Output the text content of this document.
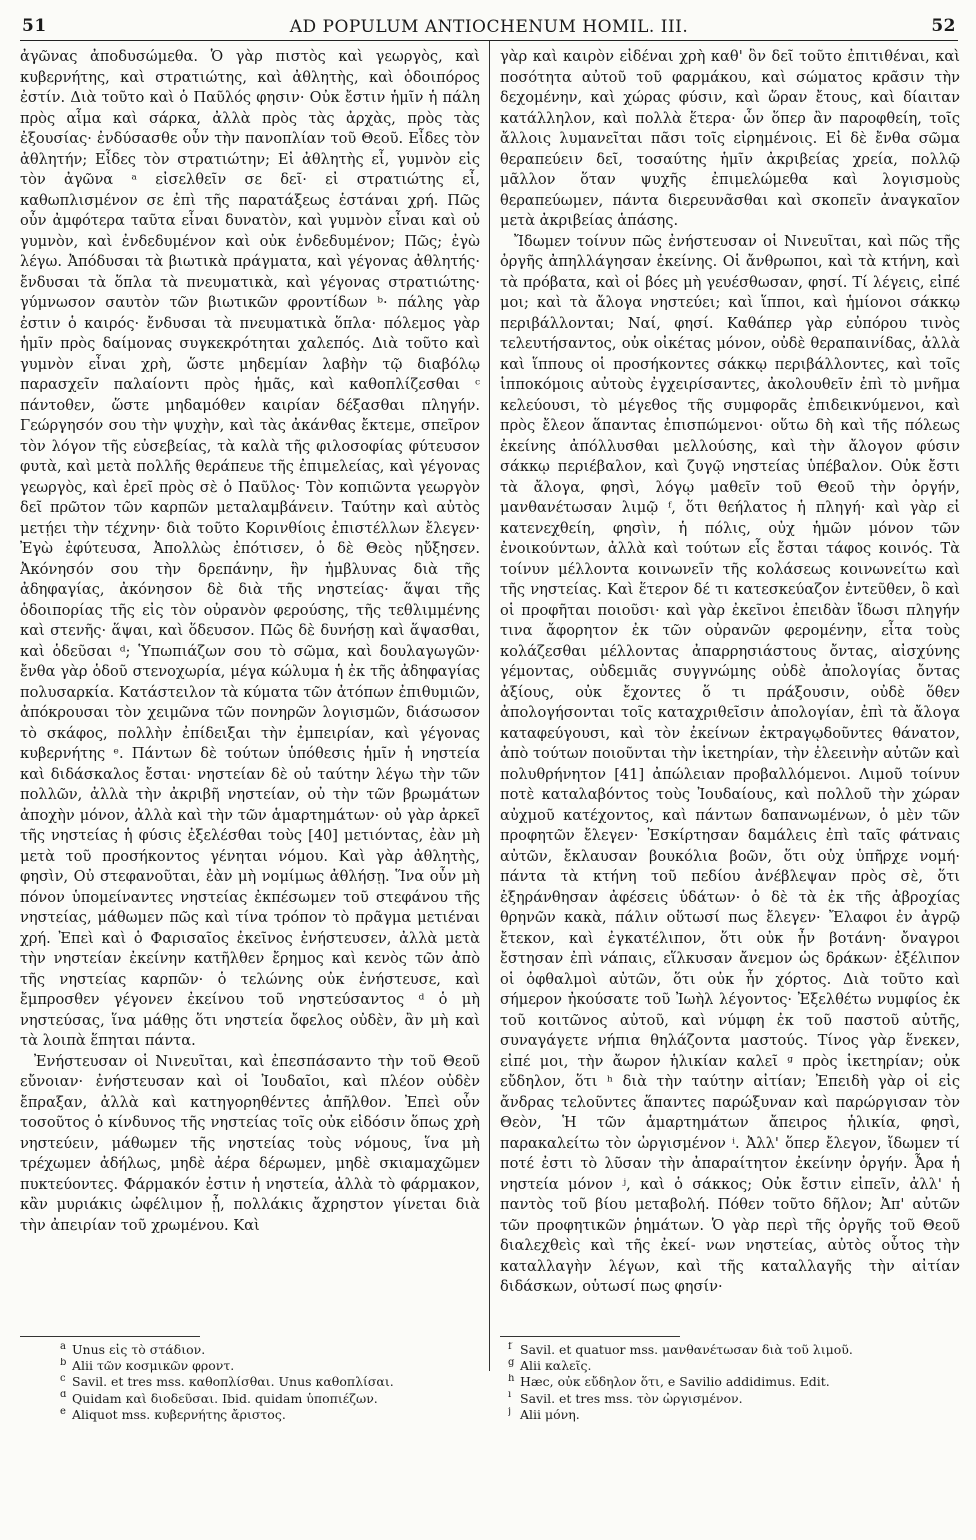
51	AD POPULUM ANTIOCHENUM HOMIL. III.	52

ἀγῶνας ἀποδυσώμεθα. Ὁ γὰρ πιστὸς καὶ γεωργὸς, καὶ κυβερνήτης, καὶ στρατιώτης, καὶ ἀθλητὴς, καὶ ὁδοιπόρος ἐστίν. Διὰ τοῦτο καὶ ὁ Παῦλός φησιν· Οὐκ ἔστιν ἡμῖν ἡ πάλη πρὸς αἷμα καὶ σάρκα, ἀλλὰ πρὸς τὰς ἀρχὰς, πρὸς τὰς ἐξουσίας· ἐνδύσασθε οὖν τὴν πανοπλίαν τοῦ Θεοῦ. Εἶδες τὸν ἀθλητήν; Εἶδες τὸν στρατιώτην; Εἰ ἀθλητὴς εἶ, γυμνὸν εἰς τὸν ἀγῶνα ᵃ εἰσελθεῖν σε δεῖ· εἰ στρατιώτης εἶ, καθωπλισμένον σε ἐπὶ τῆς παρατάξεως ἑστάναι χρή. Πῶς οὖν ἀμφότερα ταῦτα εἶναι δυνατὸν, καὶ γυμνὸν εἶναι καὶ οὐ γυμνὸν, καὶ ἐνδεδυμένον καὶ οὐκ ἐνδεδυμένον; Πῶς; ἐγὼ λέγω. Ἀπόδυσαι τὰ βιωτικὰ πράγματα, καὶ γέγονας ἀθλητής· ἔνδυσαι τὰ ὅπλα τὰ πνευματικὰ, καὶ γέγονας στρατιώτης· γύμνωσον σαυτὸν τῶν βιωτικῶν φροντίδων ᵇ· πάλης γὰρ ἐστιν ὁ καιρός· ἔνδυσαι τὰ πνευματικὰ ὅπλα· πόλεμος γὰρ ἡμῖν πρὸς δαίμονας συγκεκρότηται χαλεπός. Διὰ τοῦτο καὶ γυμνὸν εἶναι χρὴ, ὥστε μηδεμίαν λαβὴν τῷ διαβόλῳ παρασχεῖν παλαίοντι πρὸς ἡμᾶς, καὶ καθοπλίζεσθαι ᶜ πάντοθεν, ὥστε μηδαμόθεν καιρίαν δέξασθαι πληγήν. Γεώργησόν σου τὴν ψυχὴν, καὶ τὰς ἀκάνθας ἔκτεμε, σπεῖρον τὸν λόγον τῆς εὐσεβείας, τὰ καλὰ τῆς φιλοσοφίας φύτευσον φυτὰ, καὶ μετὰ πολλῆς θεράπευε τῆς ἐπιμελείας, καὶ γέγονας γεωργὸς, καὶ ἐρεῖ πρὸς σὲ ὁ Παῦλος· Τὸν κοπιῶντα γεωργὸν δεῖ πρῶτον τῶν καρπῶν μεταλαμβάνειν. Ταύτην καὶ αὐτὸς μετῄει τὴν τέχνην· διὰ τοῦτο Κορινθίοις ἐπιστέλλων ἔλεγεν· Ἐγὼ ἐφύτευσα, Ἀπολλὼς ἐπότισεν, ὁ δὲ Θεὸς ηὔξησεν. Ἀκόνησόν σου τὴν δρεπάνην, ἣν ἠμβλυνας διὰ τῆς ἀδηφαγίας, ἀκόνησον δὲ διὰ τῆς νηστείας· ἅψαι τῆς ὁδοιπορίας τῆς εἰς τὸν οὐρανὸν φερούσης, τῆς τεθλιμμένης καὶ στενῆς· ἅψαι, καὶ ὅδευσον. Πῶς δὲ δυνήσῃ καὶ ἅψασθαι, καὶ ὁδεῦσαι ᵈ; Ὑπωπιάζων σου τὸ σῶμα, καὶ δουλαγωγῶν· ἔνθα γὰρ ὁδοῦ στενοχωρία, μέγα κώλυμα ἡ ἐκ τῆς ἀδηφαγίας πολυσαρκία. Κατάστειλον τὰ κύματα τῶν ἀτόπων ἐπιθυμιῶν, ἀπόκρουσαι τὸν χειμῶνα τῶν πονηρῶν λογισμῶν, διάσωσον τὸ σκάφος, πολλὴν ἐπίδειξαι τὴν ἐμπειρίαν, καὶ γέγονας κυβερνήτης ᵉ. Πάντων δὲ τούτων ὑπόθεσις ἡμῖν ἡ νηστεία καὶ διδάσκαλος ἔσται· νηστείαν δὲ οὐ ταύτην λέγω τὴν τῶν πολλῶν, ἀλλὰ τὴν ἀκριβῆ νηστείαν, οὐ τὴν τῶν βρωμάτων ἀποχὴν μόνον, ἀλλὰ καὶ τὴν τῶν ἁμαρτημάτων· οὐ γὰρ ἀρκεῖ τῆς νηστείας ἡ φύσις ἐξελέσθαι τοὺς [40] μετιόντας, ἐὰν μὴ μετὰ τοῦ προσήκοντος γένηται νόμου. Καὶ γὰρ ἀθλητὴς, φησὶν, Οὐ στεφανοῦται, ἐὰν μὴ νομίμως ἀθλήσῃ. Ἵνα οὖν μὴ πόνον ὑπομείναντες νηστείας ἐκπέσωμεν τοῦ στεφάνου τῆς νηστείας, μάθωμεν πῶς καὶ τίνα τρόπον τὸ πρᾶγμα μετιέναι χρή. Ἐπεὶ καὶ ὁ Φαρισαῖος ἐκεῖνος ἐνήστευσεν, ἀλλὰ μετὰ τὴν νηστείαν ἐκείνην κατῆλθεν ἔρημος καὶ κενὸς τῶν ἀπὸ τῆς νηστείας καρπῶν· ὁ τελώνης οὐκ ἐνήστευσε, καὶ ἔμπροσθεν γέγονεν ἐκείνου τοῦ νηστεύσαντος ᵈ ὁ μὴ νηστεύσας, ἵνα μάθῃς ὅτι νηστεία ὄφελος οὐδὲν, ἂν μὴ καὶ τὰ λοιπὰ ἕπηται πάντα.

Ἐνήστευσαν οἱ Νινευῖται, καὶ ἐπεσπάσαντο τὴν τοῦ Θεοῦ εὔνοιαν· ἐνήστευσαν καὶ οἱ Ἰουδαῖοι, καὶ πλέον οὐδὲν ἔπραξαν, ἀλλὰ καὶ κατηγορηθέντες ἀπῆλθον. Ἐπεὶ οὖν τοσοῦτος ὁ κίνδυνος τῆς νηστείας τοῖς οὐκ εἰδόσιν ὅπως χρὴ νηστεύειν, μάθωμεν τῆς νηστείας τοὺς νόμους, ἵνα μὴ τρέχωμεν ἀδήλως, μηδὲ ἀέρα δέρωμεν, μηδὲ σκιαμαχῶμεν πυκτεύοντες. Φάρμακόν ἐστιν ἡ νηστεία, ἀλλὰ τὸ φάρμακον, κἂν μυριάκις ὠφέλιμον ᾖ, πολλάκις ἄχρηστον γίνεται διὰ τὴν ἀπειρίαν τοῦ χρωμένου. Καὶ

γὰρ καὶ καιρὸν εἰδέναι χρὴ καθ' ὃν δεῖ τοῦτο ἐπιτιθέναι, καὶ ποσότητα αὐτοῦ τοῦ φαρμάκου, καὶ σώματος κρᾶσιν τὴν δεχομένην, καὶ χώρας φύσιν, καὶ ὥραν ἔτους, καὶ δίαιταν κατάλληλον, καὶ πολλὰ ἕτερα· ὧν ὅπερ ἂν παροφθείη, τοῖς ἄλλοις λυμανεῖται πᾶσι τοῖς εἰρημένοις. Εἰ δὲ ἔνθα σῶμα θεραπεύειν δεῖ, τοσαύτης ἡμῖν ἀκριβείας χρεία, πολλῷ μᾶλλον ὅταν ψυχῆς ἐπιμελώμεθα καὶ λογισμοὺς θεραπεύωμεν, πάντα διερευνᾶσθαι καὶ σκοπεῖν ἀναγκαῖον μετὰ ἀκριβείας ἁπάσης.

Ἴδωμεν τοίνυν πῶς ἐνήστευσαν οἱ Νινευῖται, καὶ πῶς τῆς ὀργῆς ἀπηλλάγησαν ἐκείνης. Οἱ ἄνθρωποι, καὶ τὰ κτήνη, καὶ τὰ πρόβατα, καὶ οἱ βόες μὴ γευέσθωσαν, φησί. Τί λέγεις, εἰπέ μοι; καὶ τὰ ἄλογα νηστεύει; καὶ ἵπποι, καὶ ἡμίονοι σάκκῳ περιβάλλονται; Ναί, φησί. Καθάπερ γὰρ εὐπόρου τινὸς τελευτήσαντος, οὐκ οἰκέτας μόνον, οὐδὲ θεραπαινίδας, ἀλλὰ καὶ ἵππους οἱ προσήκοντες σάκκῳ περιβάλλοντες, καὶ τοῖς ἱπποκόμοις αὐτοὺς ἐγχειρίσαντες, ἀκολουθεῖν ἐπὶ τὸ μνῆμα κελεύουσι, τὸ μέγεθος τῆς συμφορᾶς ἐπιδεικνύμενοι, καὶ πρὸς ἔλεον ἅπαντας ἐπισπώμενοι· οὕτω δὴ καὶ τῆς πόλεως ἐκείνης ἀπόλλυσθαι μελλούσης, καὶ τὴν ἄλογον φύσιν σάκκῳ περιέβαλον, καὶ ζυγῷ νηστείας ὑπέβαλον. Οὐκ ἔστι τὰ ἄλογα, φησὶ, λόγῳ μαθεῖν τοῦ Θεοῦ τὴν ὀργήν, μανθανέτωσαν λιμῷ ᶠ, ὅτι θεήλατος ἡ πληγή· καὶ γὰρ εἰ κατενεχθείη, φησὶν, ἡ πόλις, οὐχ ἡμῶν μόνον τῶν ἐνοικούντων, ἀλλὰ καὶ τούτων εἷς ἔσται τάφος κοινός. Τὰ τοίνυν μέλλοντα κοινωνεῖν τῆς κολάσεως κοινωνείτω καὶ τῆς νηστείας. Καὶ ἕτερον δέ τι κατεσκεύαζον ἐντεῦθεν, ὃ καὶ οἱ προφῆται ποιοῦσι· καὶ γὰρ ἐκεῖνοι ἐπειδὰν ἴδωσι πληγήν τινα ἄφορητον ἐκ τῶν οὐρανῶν φερομένην, εἶτα τοὺς κολάζεσθαι μέλλοντας ἀπαρρησιάστους ὄντας, αἰσχύνης γέμοντας, οὐδεμιᾶς συγγνώμης οὐδὲ ἀπολογίας ὄντας ἀξίους, οὐκ ἔχοντες ὅ τι πράξουσιν, οὐδὲ ὅθεν ἀπολογήσονται τοῖς καταχριθεῖσιν ἀπολογίαν, ἐπὶ τὰ ἄλογα καταφεύγουσι, καὶ τὸν ἐκείνων ἐκτραγῳδοῦντες θάνατον, ἀπὸ τούτων ποιοῦνται τὴν ἱκετηρίαν, τὴν ἐλεεινὴν αὐτῶν καὶ πολυθρήνητον [41] ἀπώλειαν προβαλλόμενοι. Λιμοῦ τοίνυν ποτὲ καταλαβόντος τοὺς Ἰουδαίους, καὶ πολλοῦ τὴν χώραν αὐχμοῦ κατέχοντος, καὶ πάντων δαπανωμένων, ὁ μὲν τῶν προφητῶν ἔλεγεν· Ἐσκίρτησαν δαμάλεις ἐπὶ ταῖς φάτναις αὐτῶν, ἔκλαυσαν βουκόλια βοῶν, ὅτι οὐχ ὑπῆρχε νομή· πάντα τὰ κτήνη τοῦ πεδίου ἀνέβλεψαν πρὸς σὲ, ὅτι ἐξηράνθησαν ἀφέσεις ὑδάτων· ὁ δὲ τὰ ἐκ τῆς ἀβροχίας θρηνῶν κακὰ, πάλιν οὕτωσί πως ἔλεγεν· Ἔλαφοι ἐν ἀγρῷ ἔτεκον, καὶ ἐγκατέλιπον, ὅτι οὐκ ἦν βοτάνη· ὄναγροι ἔστησαν ἐπὶ νάπαις, εἵλκυσαν ἄνεμον ὡς δράκων· ἐξέλιπον οἱ ὀφθαλμοὶ αὐτῶν, ὅτι οὐκ ἦν χόρτος. Διὰ τοῦτο καὶ σήμερον ἠκούσατε τοῦ Ἰωὴλ λέγοντος· Ἐξελθέτω νυμφίος ἐκ τοῦ κοιτῶνος αὐτοῦ, καὶ νύμφη ἐκ τοῦ παστοῦ αὐτῆς, συναγάγετε νήπια θηλάζοντα μαστούς. Τίνος γὰρ ἕνεκεν, εἰπέ μοι, τὴν ἄωρον ἡλικίαν καλεῖ ᵍ πρὸς ἱκετηρίαν; οὐκ εὔδηλον, ὅτι ʰ διὰ τὴν ταύτην αἰτίαν; Ἐπειδὴ γὰρ οἱ εἰς ἄνδρας τελοῦντες ἅπαντες παρώξυναν καὶ παρώργισαν τὸν Θεὸν, Ἡ τῶν ἁμαρτημάτων ἄπειρος ἡλικία, φησὶ, παρακαλείτω τὸν ὠργισμένον ⁱ. Ἀλλ' ὅπερ ἔλεγον, ἴδωμεν τί ποτέ ἐστι τὸ λῦσαν τὴν ἀπαραίτητον ἐκείνην ὀργήν. Ἆρα ἡ νηστεία μόνον ʲ, καὶ ὁ σάκκος; Οὐκ ἔστιν εἰπεῖν, ἀλλ' ἡ παντὸς τοῦ βίου μεταβολή. Πόθεν τοῦτο δῆλον; Ἀπ' αὐτῶν τῶν προφητικῶν ῥημάτων. Ὁ γὰρ περὶ τῆς ὀργῆς τοῦ Θεοῦ διαλεχθεὶς καὶ τῆς ἐκεί- νων νηστείας, αὐτὸς οὗτος τὴν καταλλαγὴν λέγων, καὶ τῆς καταλλαγῆς τὴν αἰτίαν διδάσκων, οὑτωσί πως φησίν·

a Unus εἰς τὸ στάδιον.
b Alii τῶν κοσμικῶν φροντ.
c Savil. et tres mss. καθοπλίσθαι. Unus καθοπλίσαι.
d Quidam καὶ διοδεῦσαι. Ibid. quidam ὑποπιέζων.
e Aliquot mss. κυβερνήτης ἄριστος.
f Savil. et quatuor mss. μανθανέτωσαν διὰ τοῦ λιμοῦ.
g Alii καλεῖς.
h Hæc, οὐκ εὔδηλον ὅτι, e Savilio addidimus. Edit.
i Savil. et tres mss. τὸν ὠργισμένον.
j Alii μόνη.
